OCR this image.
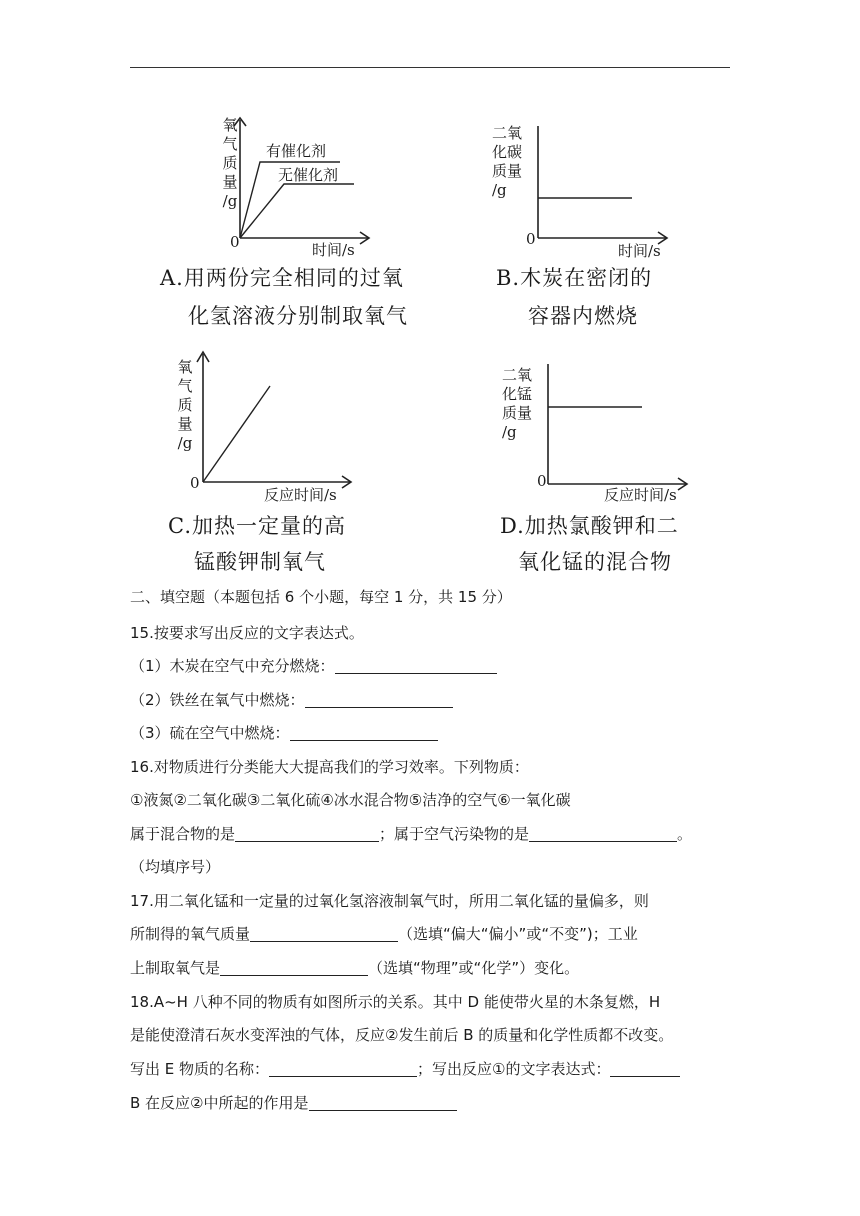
氧
气
质
量
/g
0	时间/s
有催化剂
无催化剂
A.用两份完全相同的过氧
化氢溶液分别制取氧气
二氧
化碳
质量
/g
0
时间/s
B.木炭在密闭的
容器内燃烧
氧
气
质
量
/g
0
反应时间/s
C.加热一定量的高
锰酸钾制氧气
二氧
化锰
质量
/g
0
反应时间/s
D.加热氯酸钾和二
氧化锰的混合物
二、填空题（本题包括 6 个小题，每空 1 分，共 15 分）
15.按要求写出反应的文字表达式。
（1）木炭在空气中充分燃烧：
（2）铁丝在氧气中燃烧：
（3）硫在空气中燃烧：
16.对物质进行分类能大大提高我们的学习效率。下列物质：
①液氮②二氧化碳③二氧化硫④冰水混合物⑤洁净的空气⑥一氧化碳
属于混合物的是	；属于空气污染物的是	。
（均填序号）
17.用二氧化锰和一定量的过氧化氢溶液制氧气时，所用二氧化锰的量偏多，则
所制得的氧气质量	（选填“偏大“偏小”或“不变”)；工业
上制取氧气是	（选填“物理”或“化学”）变化。
18.A~H 八种不同的物质有如图所示的关系。其中 D 能使带火星的木条复燃，H
是能使澄清石灰水变浑浊的气体，反应②发生前后 B 的质量和化学性质都不改变。
写出 E 物质的名称：	；写出反应①的文字表达式：
B 在反应②中所起的作用是
